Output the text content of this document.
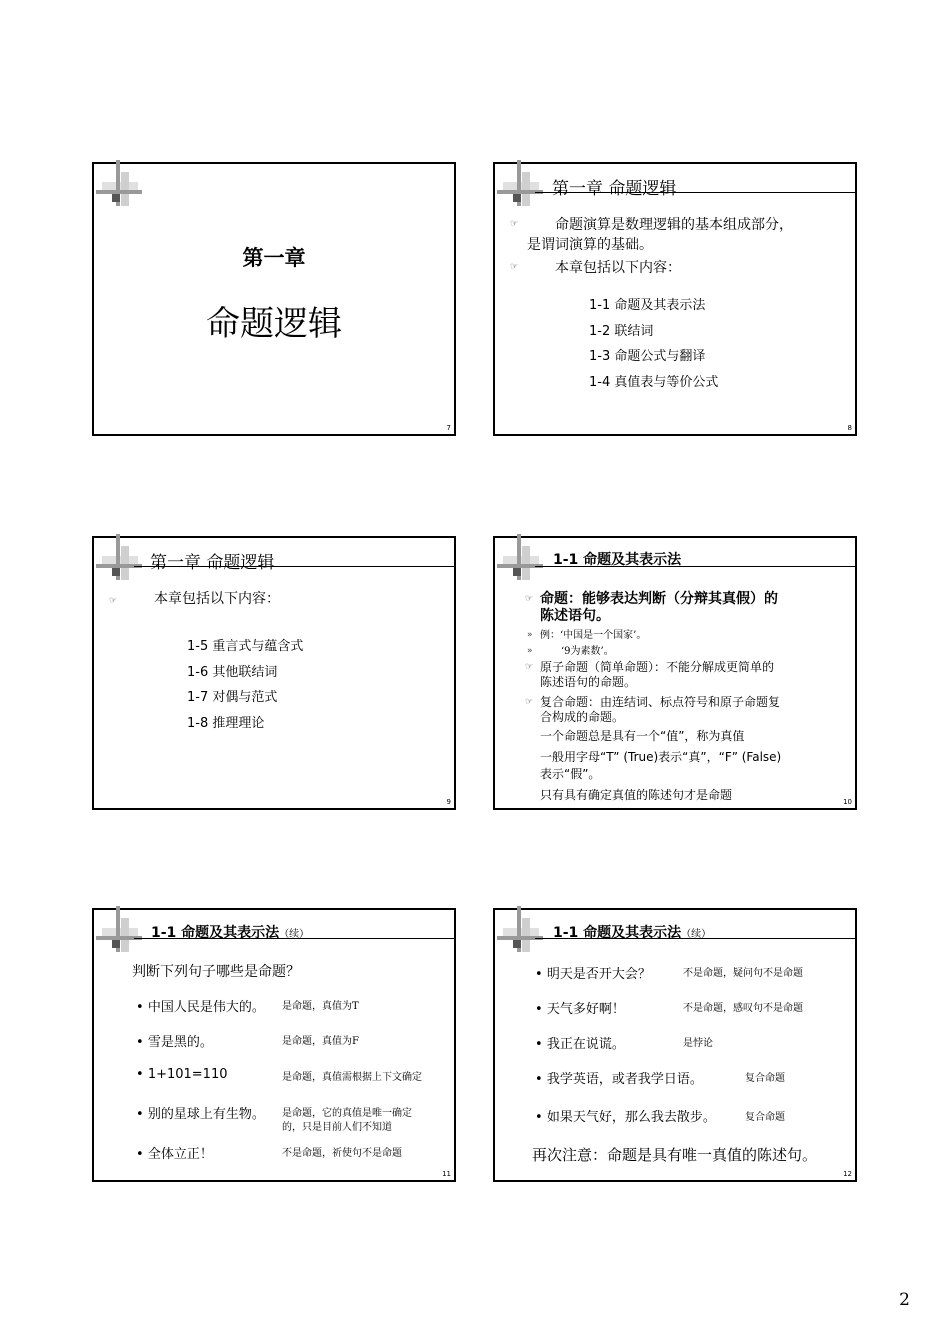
第一章
命题逻辑
7
第一章 命题逻辑
☞	命题演算是数理逻辑的基本组成部分，
是谓词演算的基础。
☞	本章包括以下内容：
1-1 命题及其表示法
1-2 联结词
1-3 命题公式与翻译
1-4 真值表与等价公式
8
第一章 命题逻辑
☞	本章包括以下内容：
1-5 重言式与蕴含式
1-6 其他联结词
1-7 对偶与范式
1-8 推理理论
9
1-1 命题及其表示法
☞ 命题：能够表达判断（分辩其真假）的
陈述语句。
» 例：‘中国是一个国家’。
»	‘9为素数’。
☞ 原子命题（简单命题）：不能分解成更简单的
陈述语句的命题。
☞ 复合命题：由连结词、标点符号和原子命题复
合构成的命题。
一个命题总是具有一个“值”，称为真值
一般用字母“T” (True)表示“真”，“F” (False)
表示“假”。
只有具有确定真值的陈述句才是命题	10
1-1 命题及其表示法（续）
判断下列句子哪些是命题？
• 中国人民是伟大的。 是命题，真值为T
• 雪是黑的。	是命题，真值为F
• 1+101=110	是命题，真值需根据上下文确定
• 别的星球上有生物。 是命题，它的真值是唯一确定
的，只是目前人们不知道
• 全体立正！	不是命题，祈使句不是命题
11
1-1 命题及其表示法（续）
• 明天是否开大会？	不是命题，疑问句不是命题
• 天气多好啊！	不是命题，感叹句不是命题
• 我正在说谎。	是悖论
• 我学英语，或者我学日语。	复合命题
• 如果天气好，那么我去散步。	复合命题
再次注意：命题是具有唯一真值的陈述句。
12
2
